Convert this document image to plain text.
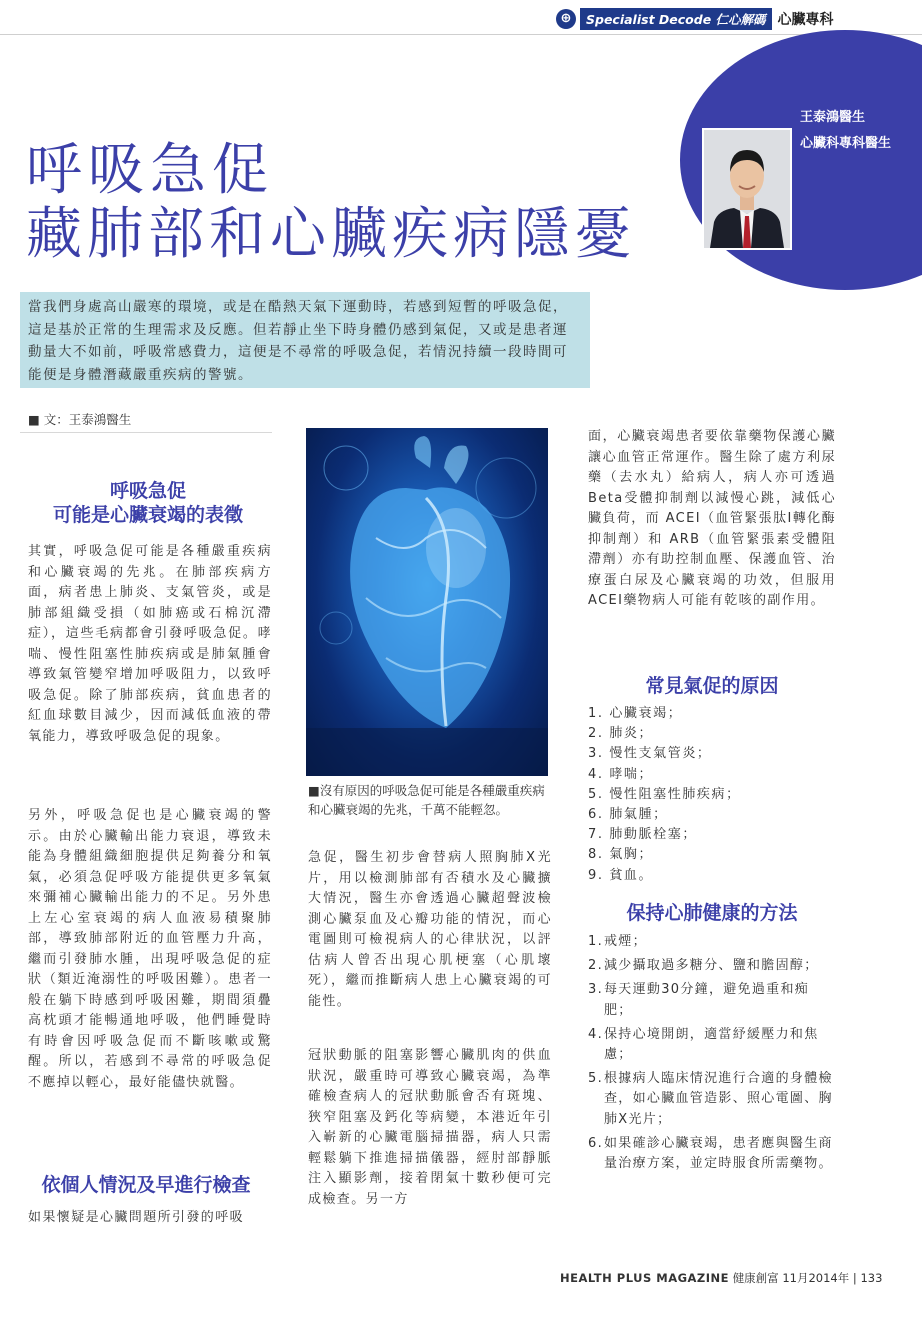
⊕	Specialist Decode 仁心解碼 心臟專科
王泰鴻醫生
心臟科專科醫生
呼吸急促
藏肺部和心臟疾病隱憂
當我們身處高山嚴寒的環境，或是在酷熱天氣下運動時，若感到短暫的呼吸急促，這是基於正常的生理需求及反應。但若靜止坐下時身體仍感到氣促，又或是患者運動量大不如前，呼吸常感費力，這便是不尋常的呼吸急促，若情況持續一段時間可能便是身體潛藏嚴重疾病的警號。
■ 文：王泰鴻醫生
呼吸急促
可能是心臟衰竭的表徵
其實，呼吸急促可能是各種嚴重疾病和心臟衰竭的先兆。在肺部疾病方面，病者患上肺炎、支氣管炎，或是肺部組織受損（如肺癌或石棉沉滯症），這些毛病都會引發呼吸急促。哮喘、慢性阻塞性肺疾病或是肺氣腫會導致氣管變窄增加呼吸阻力，以致呼吸急促。除了肺部疾病，貧血患者的紅血球數目減少，因而減低血液的帶氧能力，導致呼吸急促的現象。
另外，呼吸急促也是心臟衰竭的警示。由於心臟輸出能力衰退，導致未能為身體組織細胞提供足夠養分和氧氣，必須急促呼吸方能提供更多氧氣來彌補心臟輸出能力的不足。另外患上左心室衰竭的病人血液易積聚肺部，導致肺部附近的血管壓力升高，繼而引發肺水腫，出現呼吸急促的症狀（類近淹溺性的呼吸困難）。患者一般在躺下時感到呼吸困難，期間須疊高枕頭才能暢通地呼吸，他們睡覺時有時會因呼吸急促而不斷咳嗽或驚醒。所以，若感到不尋常的呼吸急促不應掉以輕心，最好能儘快就醫。
依個人情況及早進行檢查
如果懷疑是心臟問題所引發的呼吸
■沒有原因的呼吸急促可能是各種嚴重疾病和心臟衰竭的先兆，千萬不能輕忽。
急促，醫生初步會替病人照胸肺X光片，用以檢測肺部有否積水及心臟擴大情況，醫生亦會透過心臟超聲波檢測心臟泵血及心瓣功能的情況，而心電圖則可檢視病人的心律狀況，以評估病人曾否出現心肌梗塞（心肌壞死），繼而推斷病人患上心臟衰竭的可能性。
冠狀動脈的阻塞影響心臟肌肉的供血狀況，嚴重時可導致心臟衰竭，為準確檢查病人的冠狀動脈會否有斑塊、狹窄阻塞及鈣化等病變，本港近年引入嶄新的心臟電腦掃描器，病人只需輕鬆躺下推進掃描儀器，經肘部靜脈注入顯影劑，接着閉氣十數秒便可完成檢查。另一方
面，心臟衰竭患者要依靠藥物保護心臟讓心血管正常運作。醫生除了處方利尿藥（去水丸）給病人，病人亦可透過Beta受體抑制劑以減慢心跳，減低心臟負荷，而 ACEI（血管緊張肽I轉化酶抑制劑）和 ARB（血管緊張素受體阻滯劑）亦有助控制血壓、保護血管、治療蛋白尿及心臟衰竭的功效，但服用ACEI藥物病人可能有乾咳的副作用。
常見氣促的原因
1. 心臟衰竭；
2. 肺炎；
3. 慢性支氣管炎；
4. 哮喘；
5. 慢性阻塞性肺疾病；
6. 肺氣腫；
7. 肺動脈栓塞；
8. 氣胸；
9. 貧血。
保持心肺健康的方法
1. 戒煙；
2. 減少攝取過多糖分、鹽和膽固醇；
3. 每天運動30分鐘，避免過重和痴肥；
4. 保持心境開朗，適當紓緩壓力和焦慮；
5. 根據病人臨床情況進行合適的身體檢查，如心臟血管造影、照心電圖、胸肺X光片；
6. 如果確診心臟衰竭，患者應與醫生商量治療方案，並定時服食所需藥物。
HEALTH PLUS MAGAZINE 健康創富 11月2014年 | 133
